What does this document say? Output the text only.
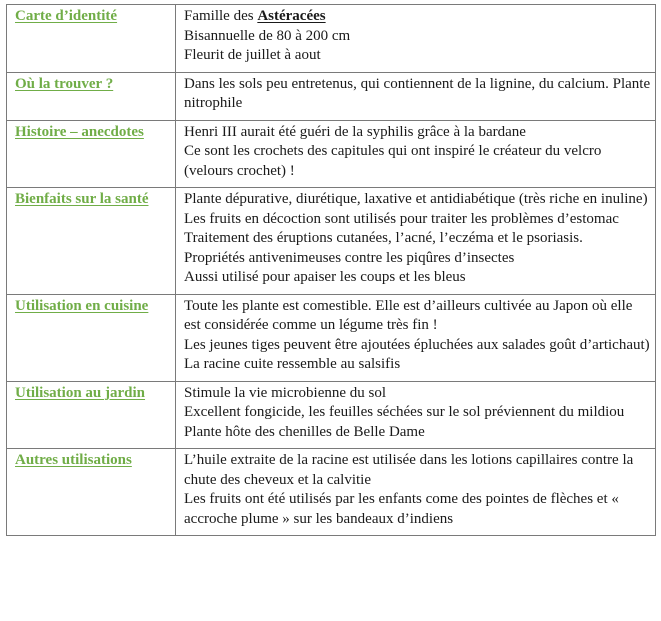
Carte d’identité	Famille des Astéracées
Bisannuelle de 80 à 200 cm
Fleurit de juillet à aout

Où la trouver ?	Dans les sols peu entretenus, qui contiennent de la lignine, du calcium. Plante nitrophile

Histoire – anecdotes	Henri III aurait été guéri de la syphilis grâce à la bardane
Ce sont les crochets des capitules qui ont inspiré le créateur du velcro (velours crochet) !

Bienfaits sur la santé	Plante dépurative, diurétique, laxative et antidiabétique (très riche en inuline)
Les fruits en décoction sont utilisés pour traiter les problèmes d’estomac
Traitement des éruptions cutanées, l’acné, l’eczéma et le psoriasis.
Propriétés antivenimeuses contre les piqûres d’insectes
Aussi utilisé pour apaiser les coups et les bleus

Utilisation en cuisine	Toute les plante est comestible. Elle est d’ailleurs cultivée au Japon où elle est considérée comme un légume très fin !
Les jeunes tiges peuvent être ajoutées épluchées aux salades goût d’artichaut)
La racine cuite ressemble au salsifis

Utilisation au jardin	Stimule la vie microbienne du sol
Excellent fongicide, les feuilles séchées sur le sol préviennent du mildiou
Plante hôte des chenilles de Belle Dame

Autres utilisations	L’huile extraite de la racine est utilisée dans les lotions capillaires contre la chute des cheveux et la calvitie
Les fruits ont été utilisés par les enfants come des pointes de flèches et « accroche plume » sur les bandeaux d’indiens
